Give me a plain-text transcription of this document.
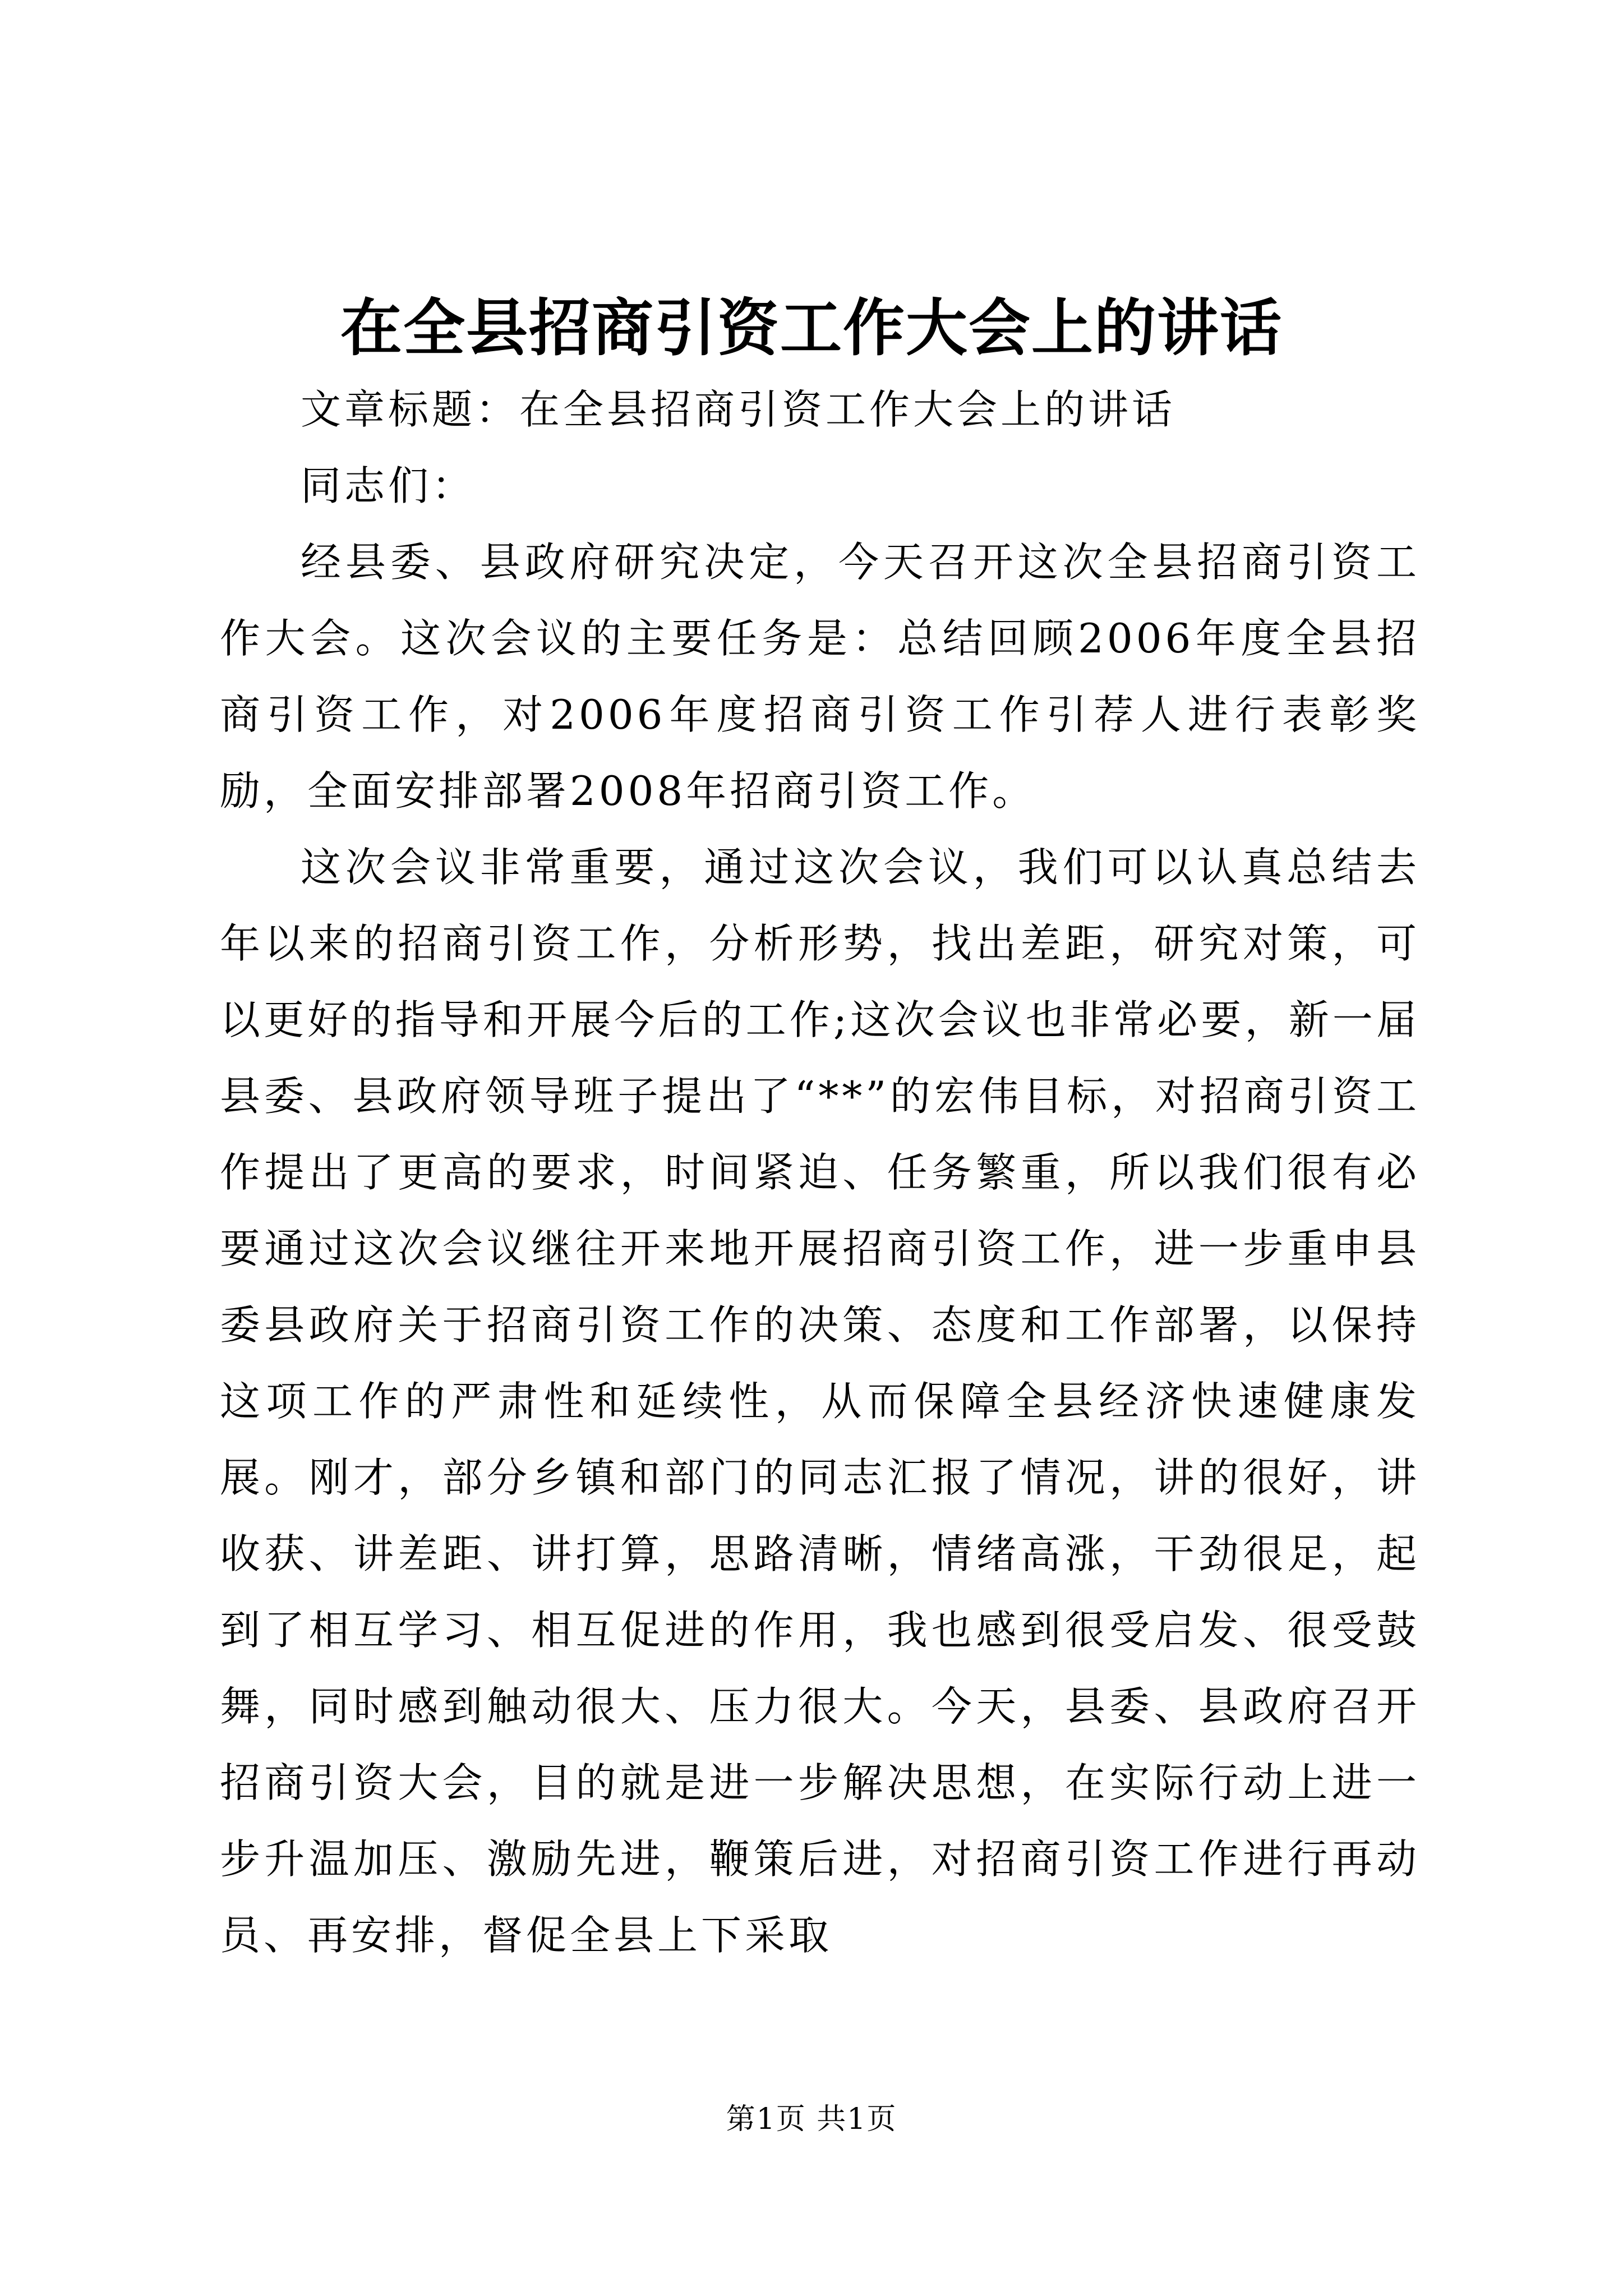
在全县招商引资工作大会上的讲话

文章标题：在全县招商引资工作大会上的讲话

同志们：

经县委、县政府研究决定，今天召开这次全县招商引资工作大会。这次会议的主要任务是：总结回顾2006年度全县招商引资工作，对2006年度招商引资工作引荐人进行表彰奖励，全面安排部署2008年招商引资工作。

这次会议非常重要，通过这次会议，我们可以认真总结去年以来的招商引资工作，分析形势，找出差距，研究对策，可以更好的指导和开展今后的工作;这次会议也非常必要，新一届县委、县政府领导班子提出了“**”的宏伟目标，对招商引资工作提出了更高的要求，时间紧迫、任务繁重，所以我们很有必要通过这次会议继往开来地开展招商引资工作，进一步重申县委县政府关于招商引资工作的决策、态度和工作部署，以保持这项工作的严肃性和延续性，从而保障全县经济快速健康发展。刚才，部分乡镇和部门的同志汇报了情况，讲的很好，讲收获、讲差距、讲打算，思路清晰，情绪高涨，干劲很足，起到了相互学习、相互促进的作用，我也感到很受启发、很受鼓舞，同时感到触动很大、压力很大。今天，县委、县政府召开招商引资大会，目的就是进一步解决思想，在实际行动上进一步升温加压、激励先进，鞭策后进，对招商引资工作进行再动员、再安排，督促全县上下采取

第1页 共1页
